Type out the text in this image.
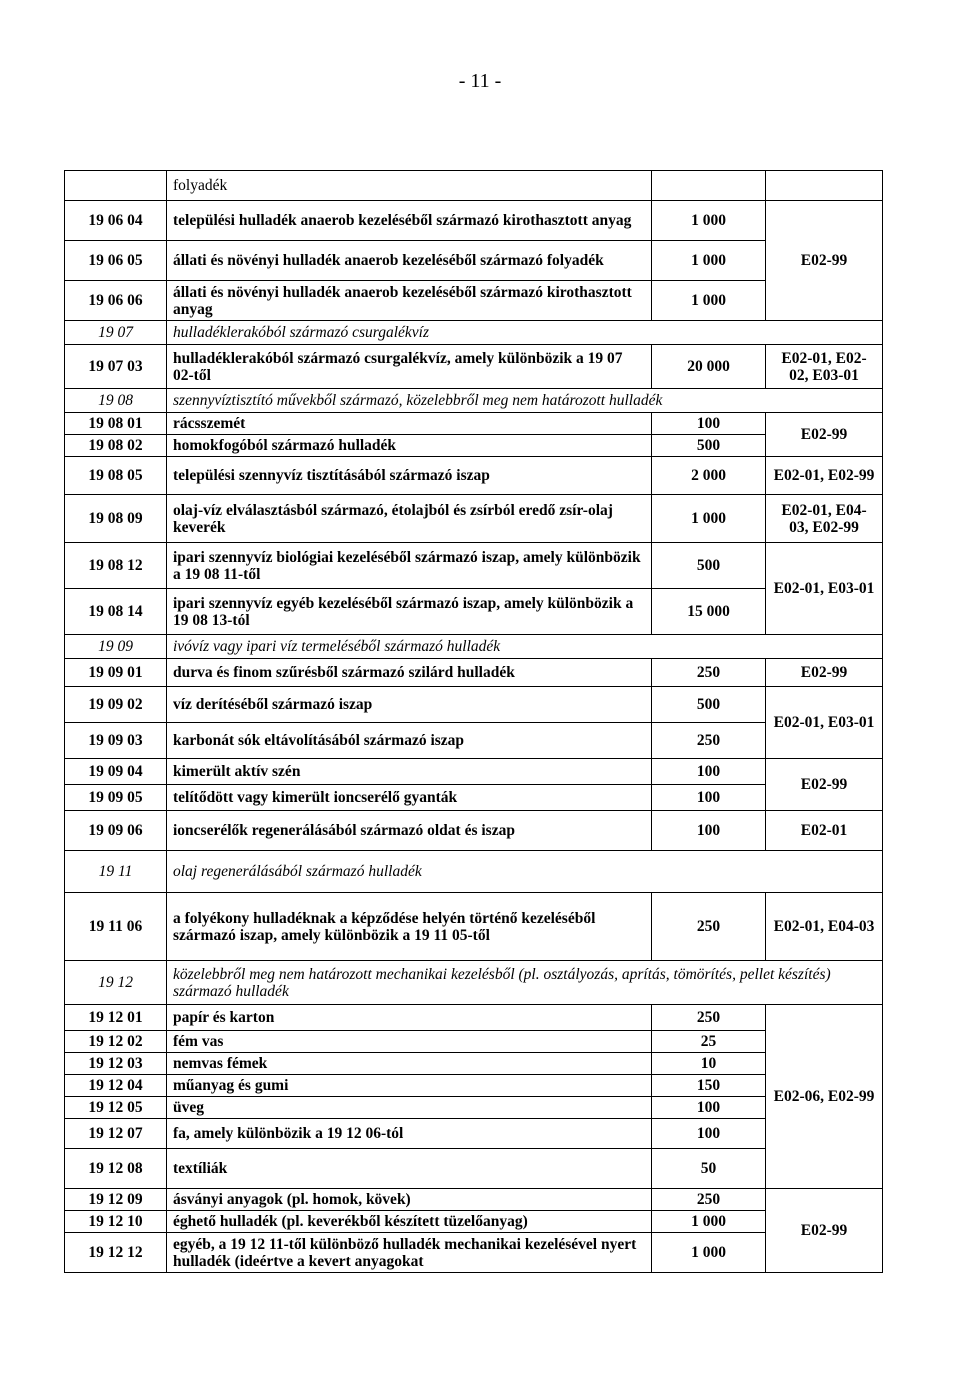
- 11 -
	folyadék		
19 06 04	települési hulladék anaerob kezeléséből származó kirothasztott anyag	1 000	E02-99
19 06 05	állati és növényi hulladék anaerob kezeléséből származó folyadék	1 000	
19 06 06	állati és növényi hulladék anaerob kezeléséből származó kirothasztott anyag	1 000	
19 07	hulladéklerakóból származó csurgalékvíz		
19 07 03	hulladéklerakóból származó csurgalékvíz, amely különbözik a 19 07 02-től	20 000	E02-01, E02-02, E03-01
19 08	szennyvíztisztító művekből származó, közelebbről meg nem határozott hulladék		
19 08 01	rácsszemét	100	E02-99
19 08 02	homokfogóból származó hulladék	500	
19 08 05	települési szennyvíz tisztításából származó iszap	2 000	E02-01, E02-99
19 08 09	olaj-víz elválasztásból származó, étolajból és zsírból eredő zsír-olaj keverék	1 000	E02-01, E04-03, E02-99
19 08 12	ipari szennyvíz biológiai kezeléséből származó iszap, amely különbözik a 19 08 11-től	500	E02-01, E03-01
19 08 14	ipari szennyvíz egyéb kezeléséből származó iszap, amely különbözik a 19 08 13-tól	15 000	
19 09	ivóvíz vagy ipari víz termeléséből származó hulladék		
19 09 01	durva és finom szűrésből származó szilárd hulladék	250	E02-99
19 09 02	víz derítéséből származó iszap	500	E02-01, E03-01
19 09 03	karbonát sók eltávolításából származó iszap	250	
19 09 04	kimerült aktív szén	100	E02-99
19 09 05	telítődött vagy kimerült ioncserélő gyanták	100	
19 09 06	ioncserélők regenerálásából származó oldat és iszap	100	E02-01
19 11	olaj regenerálásából származó hulladék		
19 11 06	a folyékony hulladéknak a képződése helyén történő kezeléséből származó iszap, amely különbözik a 19 11 05-től	250	E02-01, E04-03
19 12	közelebbről meg nem határozott mechanikai kezelésből (pl. osztályozás, aprítás, tömörítés, pellet készítés) származó hulladék		
19 12 01	papír és karton	250	E02-06, E02-99
19 12 02	fém vas	25	
19 12 03	nemvas fémek	10	
19 12 04	műanyag és gumi	150	
19 12 05	üveg	100	
19 12 07	fa, amely különbözik a 19 12 06-tól	100	
19 12 08	textíliák	50	
19 12 09	ásványi anyagok (pl. homok, kövek)	250	E02-99
19 12 10	éghető hulladék (pl. keverékből készített tüzelőanyag)	1 000	
19 12 12	egyéb, a 19 12 11-től különböző hulladék mechanikai kezelésével nyert hulladék (ideértve a kevert anyagokat	1 000	
